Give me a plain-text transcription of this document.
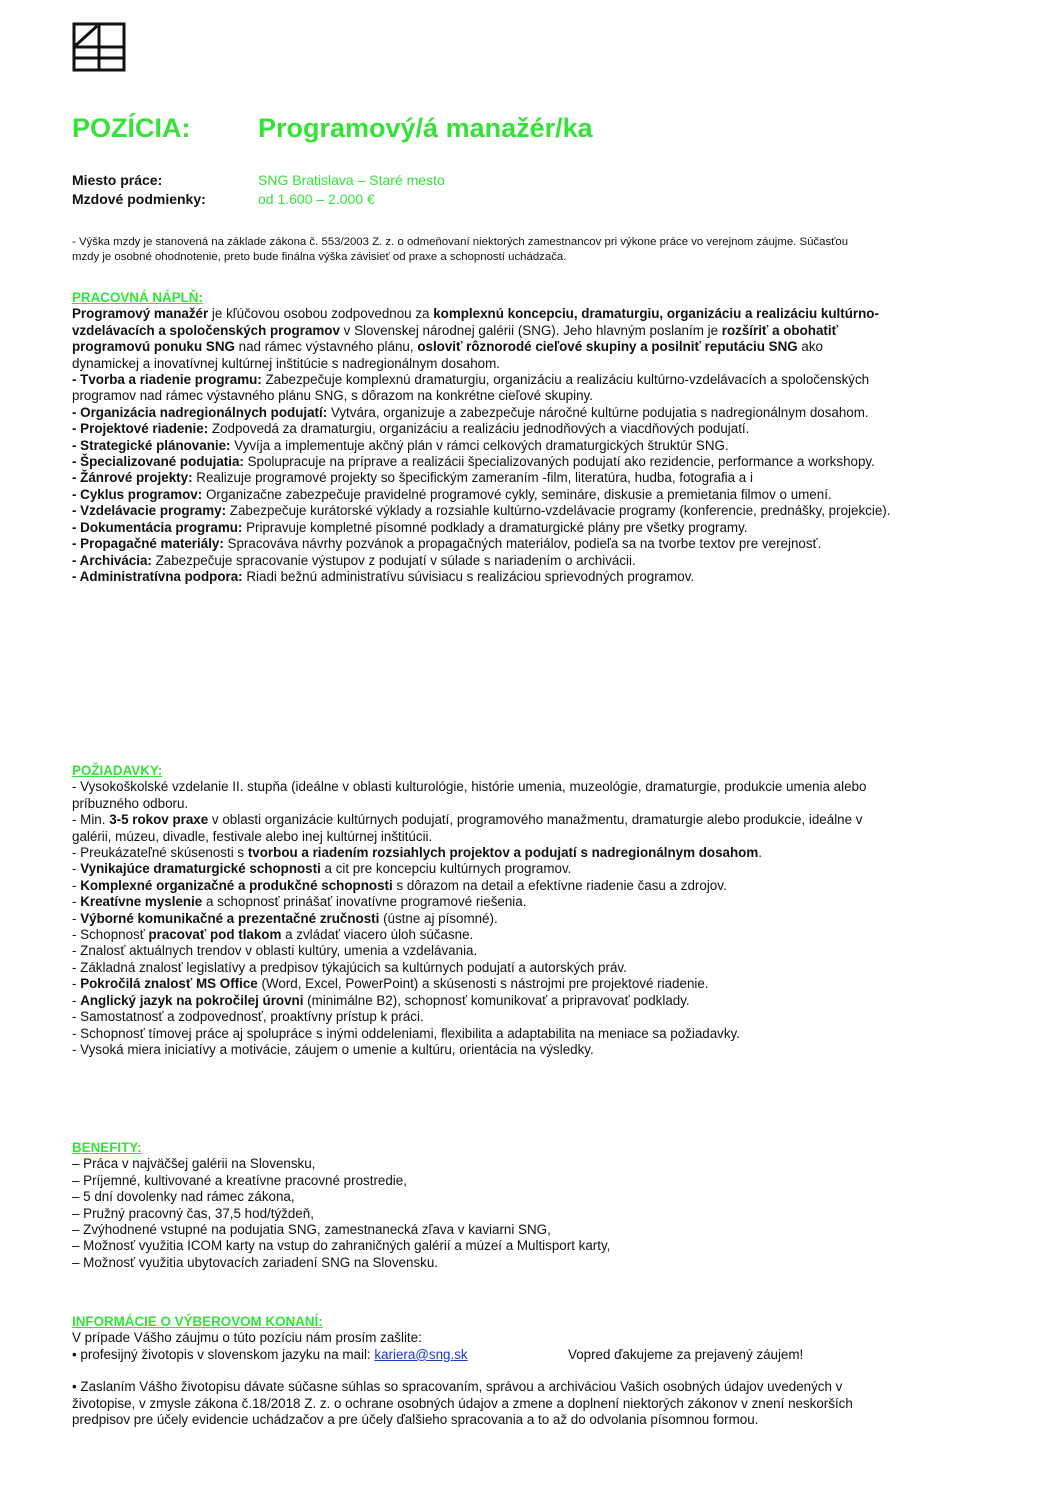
POZÍCIA:	Programový/á manažér/ka
Miesto práce:	SNG Bratislava – Staré mesto
Mzdové podmienky:	od 1.600 – 2.000 €
- Výška mzdy je stanovená na základe zákona č. 553/2003 Z. z. o odmeňovaní niektorých zamestnancov pri výkone práce vo verejnom záujme. Súčasťou mzdy je osobné ohodnotenie, preto bude finálna výška závisieť od praxe a schopností uchádzača.
PRACOVNÁ NÁPLŇ:

Programový manažér je kľúčovou osobou zodpovednou za komplexnú koncepciu, dramaturgiu, organizáciu a realizáciu kultúrno-vzdelávacích a spoločenských programov v Slovenskej národnej galérii (SNG). Jeho hlavným poslaním je rozšíriť a obohatiť programovú ponuku SNG nad rámec výstavného plánu, osloviť rôznorodé cieľové skupiny a posilniť reputáciu SNG ako dynamickej a inovatívnej kultúrnej inštitúcie s nadregionálnym dosahom.

- Tvorba a riadenie programu: Zabezpečuje komplexnú dramaturgiu, organizáciu a realizáciu kultúrno-vzdelávacích a spoločenských programov nad rámec výstavného plánu SNG, s dôrazom na konkrétne cieľové skupiny.

- Organizácia nadregionálnych podujatí: Vytvára, organizuje a zabezpečuje náročné kultúrne podujatia s nadregionálnym dosahom.

- Projektové riadenie: Zodpovedá za dramaturgiu, organizáciu a realizáciu jednodňových a viacdňových podujatí.

- Strategické plánovanie: Vyvíja a implementuje akčný plán v rámci celkových dramaturgických štruktúr SNG.

- Špecializované podujatia: Spolupracuje na príprave a realizácii špecializovaných podujatí ako rezidencie, performance a workshopy.

- Žánrové projekty: Realizuje programové projekty so špecifickým zameraním -film, literatúra, hudba, fotografia a i

- Cyklus programov: Organizačne zabezpečuje pravidelné programové cykly, semináre, diskusie a premietania filmov o umení.

- Vzdelávacie programy: Zabezpečuje kurátorské výklady a rozsiahle kultúrno-vzdelávacie programy (konferencie, prednášky, projekcie).

- Dokumentácia programu: Pripravuje kompletné písomné podklady a dramaturgické plány pre všetky programy.

- Propagačné materiály: Spracováva návrhy pozvánok a propagačných materiálov, podieľa sa na tvorbe textov pre verejnosť.

- Archivácia: Zabezpečuje spracovanie výstupov z podujatí v súlade s nariadením o archivácii.

- Administratívna podpora: Riadi bežnú administratívu súvisiacu s realizáciou sprievodných programov.

POŽIADAVKY:

- Vysokoškolské vzdelanie II. stupňa (ideálne v oblasti kulturológie, histórie umenia, muzeológie, dramaturgie, produkcie umenia alebo príbuzného odboru.

- Min. 3-5 rokov praxe v oblasti organizácie kultúrnych podujatí, programového manažmentu, dramaturgie alebo produkcie, ideálne v galérii, múzeu, divadle, festivale alebo inej kultúrnej inštitúcii.

- Preukázateľné skúsenosti s tvorbou a riadením rozsiahlych projektov a podujatí s nadregionálnym dosahom.

- Vynikajúce dramaturgické schopnosti a cit pre koncepciu kultúrnych programov.

- Komplexné organizačné a produkčné schopnosti s dôrazom na detail a efektívne riadenie času a zdrojov.

- Kreatívne myslenie a schopnosť prinášať inovatívne programové riešenia.

- Výborné komunikačné a prezentačné zručnosti (ústne aj písomné).

- Schopnosť pracovať pod tlakom a zvládať viacero úloh súčasne.

- Znalosť aktuálnych trendov v oblasti kultúry, umenia a vzdelávania.

- Základná znalosť legislatívy a predpisov týkajúcich sa kultúrnych podujatí a autorských práv.

- Pokročilá znalosť MS Office (Word, Excel, PowerPoint) a skúsenosti s nástrojmi pre projektové riadenie.

- Anglický jazyk na pokročilej úrovni (minimálne B2), schopnosť komunikovať a pripravovať podklady.

- Samostatnosť a zodpovednosť, proaktívny prístup k práci.

- Schopnosť tímovej práce aj spolupráce s inými oddeleniami, flexibilita a adaptabilita na meniace sa požiadavky.

- Vysoká miera iniciatívy a motivácie, záujem o umenie a kultúru, orientácia na výsledky.

BENEFITY:

– Práca v najväčšej galérii na Slovensku,

– Príjemné, kultivované a kreatívne pracovné prostredie,

– 5 dní dovolenky nad rámec zákona,

– Pružný pracovný čas, 37,5 hod/týždeň,

– Zvýhodnené vstupné na podujatia SNG, zamestnanecká zľava v kaviarni SNG,

– Možnosť využitia ICOM karty na vstup do zahraničných galérií a múzeí a Multisport karty,

– Možnosť využitia ubytovacích zariadení SNG na Slovensku.

INFORMÁCIE O VÝBEROVOM KONANÍ:

V prípade Vášho záujmu o túto pozíciu nám prosím zašlite:

• profesijný životopis v slovenskom jazyku na mail: kariera@sng.sk	Vopred ďakujeme za prejavený záujem!

• Zaslaním Vášho životopisu dávate súčasne súhlas so spracovaním, správou a archiváciou Vašich osobných údajov uvedených v životopise, v zmysle zákona č.18/2018 Z. z. o ochrane osobných údajov a zmene a doplnení niektorých zákonov v znení neskorších predpisov pre účely evidencie uchádzačov a pre účely ďalšieho spracovania a to až do odvolania písomnou formou.
